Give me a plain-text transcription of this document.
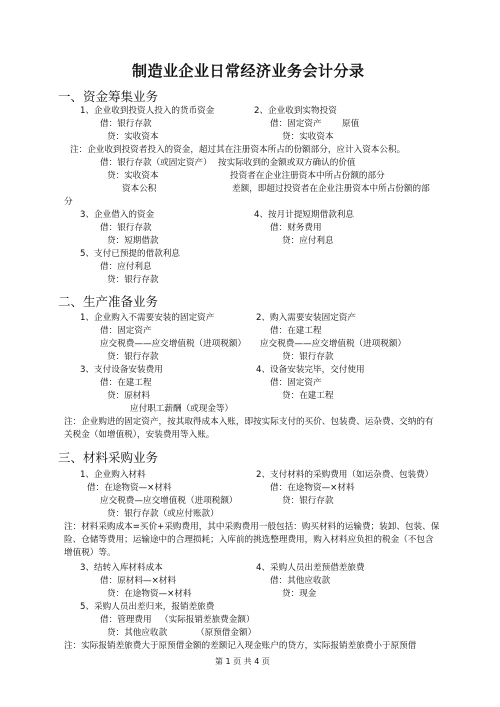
制造业企业日常经济业务会计分录
一、资金筹集业务
1、企业收到投资人投入的货币资金	2、企业收到实物投资
借：银行存款	借：固定资产 原值
贷：实收资本	贷：实收资本
注：企业收到投资者投入的资金，超过其在注册资本所占的份额部分，应计入资本公积。
借：银行存款（或固定资产） 按实际收到的金额或双方确认的价值
贷：实收资本	投资者在企业注册资本中所占份额的部分
资本公积	差额，即超过投资者在企业注册资本中所占份额的部
分
3、企业借入的资金	4、按月计提短期借款利息
借：银行存款	借：财务费用
贷：短期借款	贷：应付利息
5、支付已预提的借款利息
借：应付利息
贷：银行存款
二、生产准备业务
1、企业购入不需要安装的固定资产	2、购入需要安装固定资产
借：固定资产	借：在建工程
应交税费——应交增值税（进项税额） 应交税费——应交增值税（进项税额）
贷：银行存款	贷：银行存款
3、支付设备安装费用	4、设备安装完毕，交付使用
借：在建工程	借：固定资产
贷：原材料	贷：在建工程
应付职工薪酬（或现金等）
注：企业购进的固定资产，按其取得成本入账，即按实际支付的买价、包装费、运杂费、交纳的有
关税金（如增值税），安装费用等入账。
三、材料采购业务
1、企业购入材料	2、支付材料的采购费用（如运杂费、包装费）
借：在途物资—×材料	借：在途物资—×材料
应交税费—应交增值税（进项税额）	贷：银行存款
贷：银行存款（或应付账款）
注：材料采购成本=买价+采购费用，其中采购费用一般包括：购买材料的运输费；装卸、包装、保
险、仓储等费用；运输途中的合理损耗；入库前的挑选整理费用，购入材料应负担的税金（不包含
增值税）等。
3、结转入库材料成本	4、采购人员出差预借差旅费
借：原材料—×材料	借：其他应收款
贷：在途物资—×材料	贷：现金
5、采购人员出差归来，报销差旅费
借：管理费用 （实际报销差旅费金额）
贷：其他应收款	（原预借金额）
注：实际报销差旅费大于原预借金额的差额记入现金账户的贷方，实际报销差旅费小于原预借
第 1 页 共 4 页
